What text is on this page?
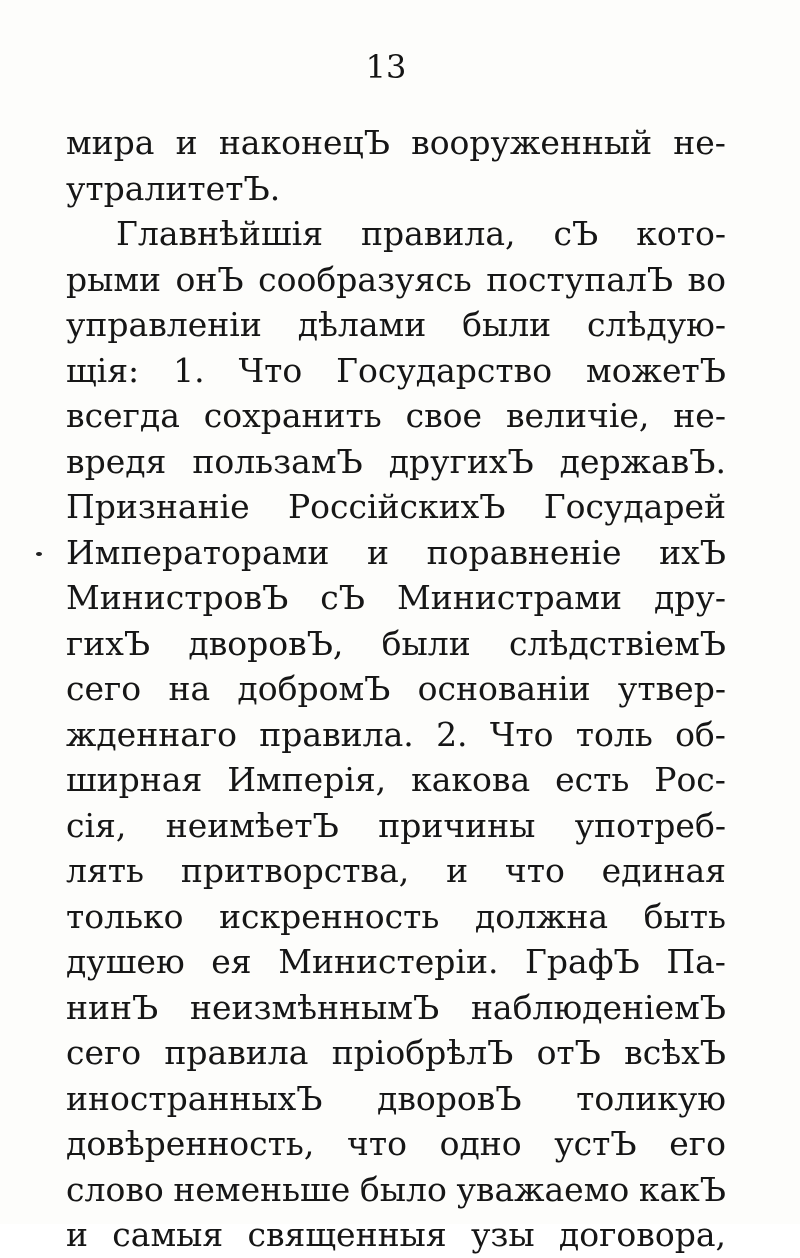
13
мира и наконецЪ вооруженный не-
утралитетЪ.
Главнѣйшія правила, сЪ кото-
рыми онЪ сообразуясь поступалЪ во
управленіи дѣлами были слѣдую-
щія: 1. Что Государство можетЪ
всегда сохранить свое величіе, не-
вредя пользамЪ другихЪ державЪ.
Признаніе РоссійскихЪ Государей
Императорами и поравненіе ихЪ
МинистровЪ сЪ Министрами дру-
гихЪ дворовЪ, были слѣдствіемЪ
сего на добромЪ основаніи утвер-
жденнаго правила. 2. Что толь об-
ширная Имперія, какова есть Рос-
сія, неимѣетЪ причины употреб-
лять притворства, и что единая
только искренность должна быть
душею ея Министеріи. ГрафЪ Па-
нинЪ неизмѣннымЪ наблюденіемЪ
сего правила пріобрѣлЪ отЪ всѣхЪ
иностранныхЪ дворовЪ толикую
довѣренность, что одно устЪ его
слово неменьше было уважаемо какЪ
и самыя священныя узы договора,
